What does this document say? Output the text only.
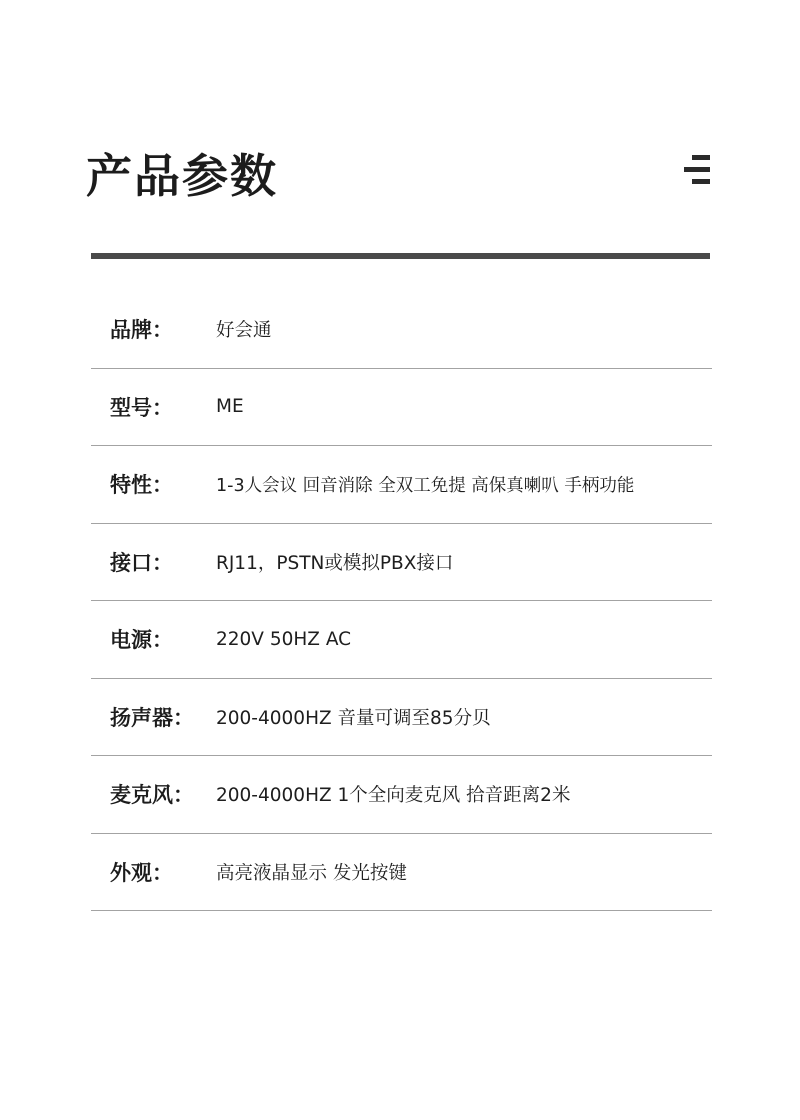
产品参数
品牌： 好会通
型号： ME
特性： 1-3人会议 回音消除 全双工免提 高保真喇叭 手柄功能
接口： RJ11，PSTN或模拟PBX接口
电源： 220V 50HZ AC
扬声器： 200-4000HZ 音量可调至85分贝
麦克风： 200-4000HZ 1个全向麦克风 拾音距离2米
外观： 高亮液晶显示 发光按键
